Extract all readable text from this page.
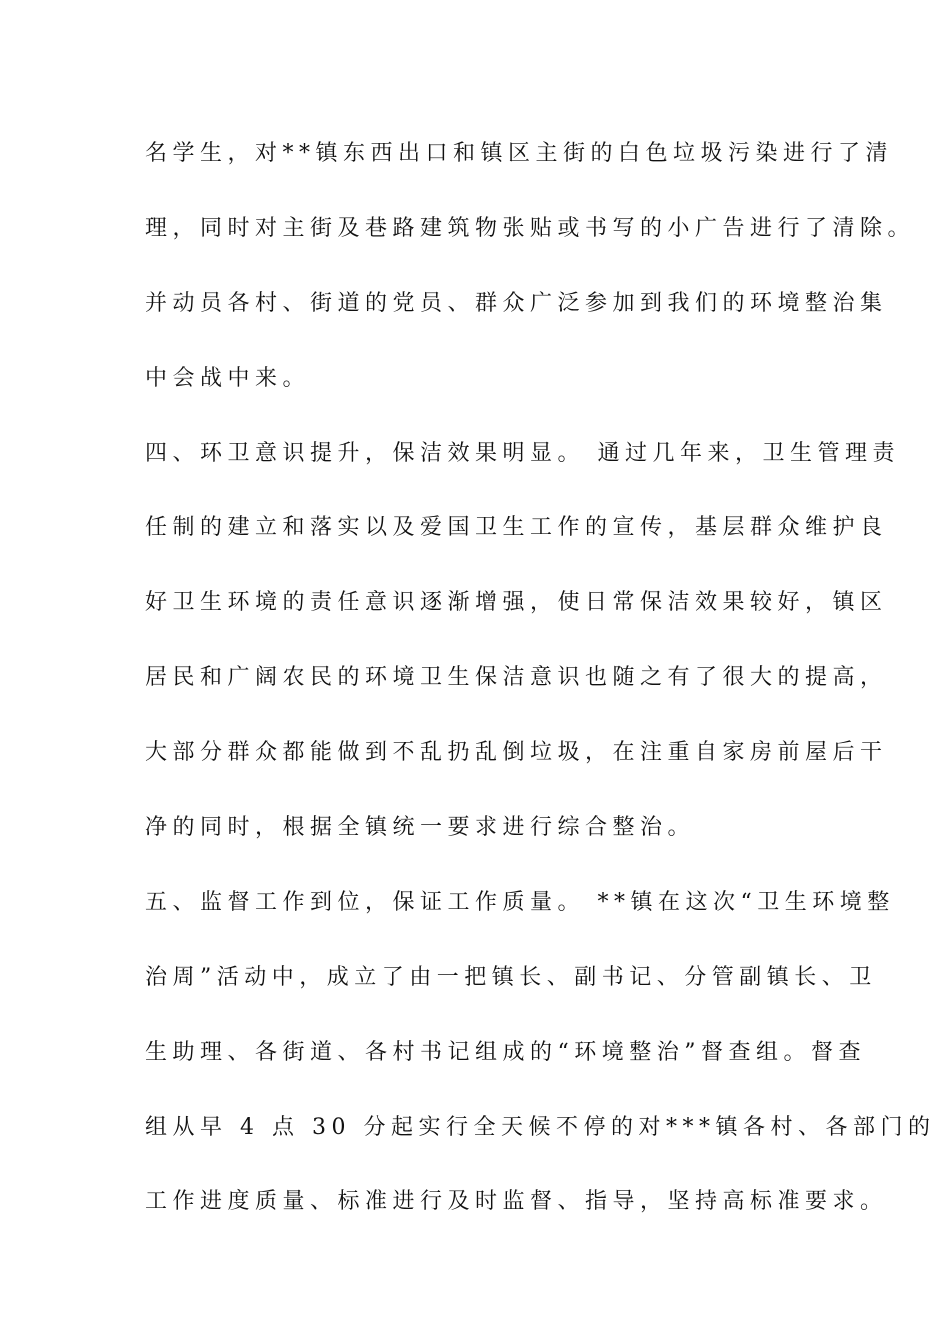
名学生，对**镇东西出口和镇区主街的白色垃圾污染进行了清
理，同时对主街及巷路建筑物张贴或书写的小广告进行了清除。
并动员各村、街道的党员、群众广泛参加到我们的环境整治集
中会战中来。
四、环卫意识提升，保洁效果明显。 通过几年来，卫生管理责
任制的建立和落实以及爱国卫生工作的宣传，基层群众维护良
好卫生环境的责任意识逐渐增强，使日常保洁效果较好，镇区
居民和广阔农民的环境卫生保洁意识也随之有了很大的提高，
大部分群众都能做到不乱扔乱倒垃圾，在注重自家房前屋后干
净的同时，根据全镇统一要求进行综合整治。
五、监督工作到位，保证工作质量。 **镇在这次“卫生环境整
治周”活动中，成立了由一把镇长、副书记、分管副镇长、卫
生助理、各街道、各村书记组成的“环境整治”督查组。督查
组从早 4 点 30 分起实行全天候不停的对***镇各村、各部门的
工作进度质量、标准进行及时监督、指导，坚持高标准要求。
